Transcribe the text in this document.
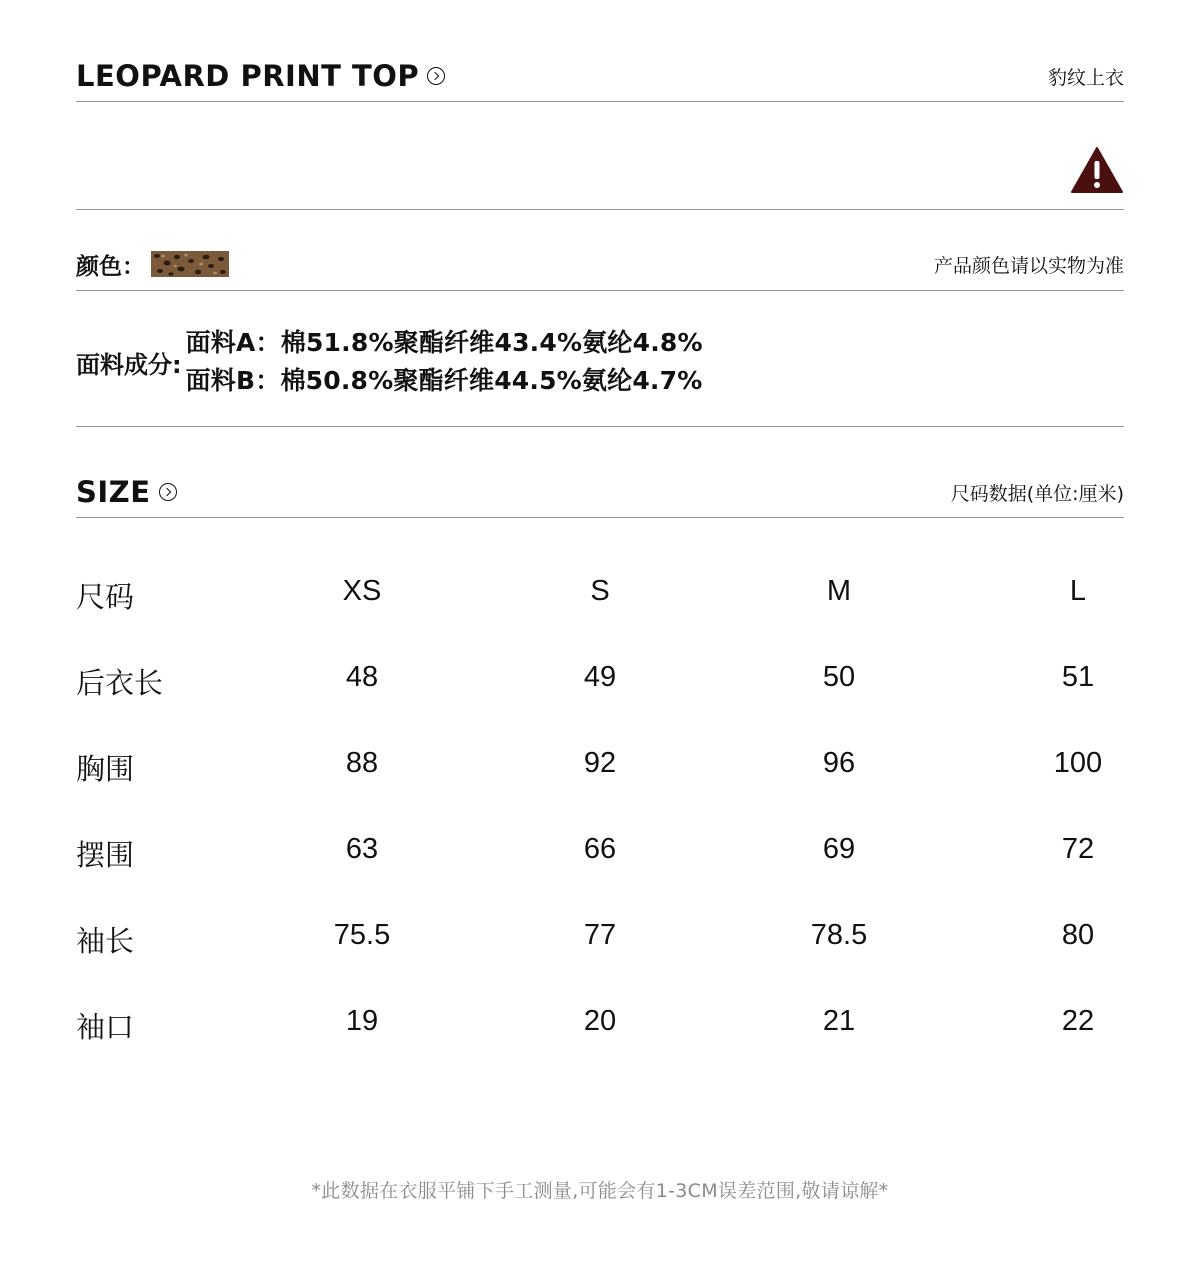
LEOPARD PRINT TOP	豹纹上衣
颜色：	产品颜色请以实物为准
面料成分:
面料A：棉51.8%聚酯纤维43.4%氨纶4.8%
面料B：棉50.8%聚酯纤维44.5%氨纶4.7%
SIZE	尺码数据(单位:厘米)
尺码	XS	S	M	L
后衣长	48	49	50	51
胸围	88	92	96	100
摆围	63	66	69	72
袖长	75.5	77	78.5	80
袖口	19	20	21	22
*此数据在衣服平铺下手工测量,可能会有1-3CM误差范围,敬请谅解*
